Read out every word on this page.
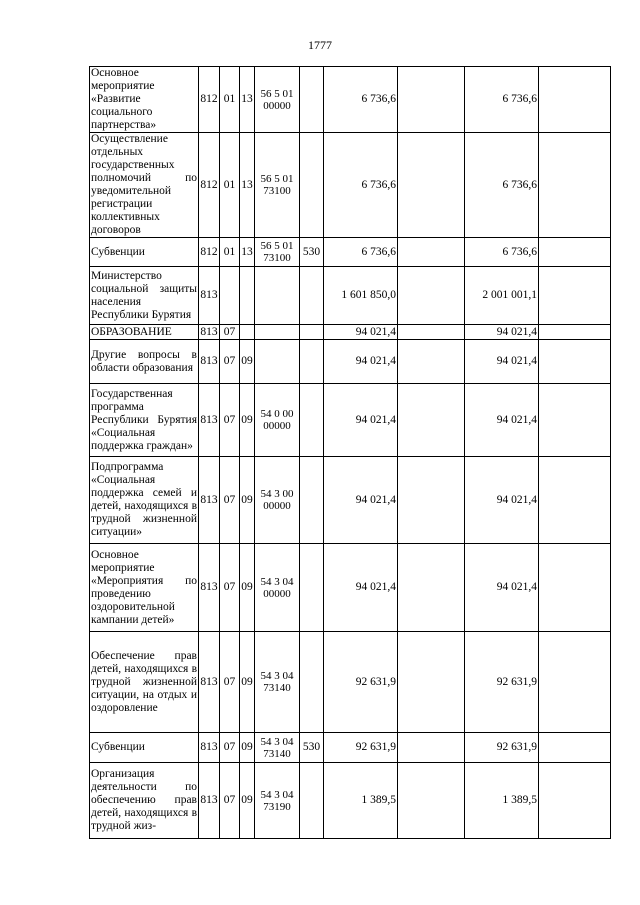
1777
Основное мероприятие «Развитие социального партнерства»	812	01	13	56 5 01 00000		6 736,6		6 736,6	
Осуществление отдельных государственных полномочий по уведомительной регистрации коллективных договоров	812	01	13	56 5 01 73100		6 736,6		6 736,6	
Субвенции	812	01	13	56 5 01 73100	530	6 736,6		6 736,6	
Министерство социальной защиты населения Республики Бурятия	813					1 601 850,0		2 001 001,1	
ОБРАЗОВАНИЕ	813	07				94 021,4		94 021,4	
Другие вопросы в области образования	813	07	09			94 021,4		94 021,4	
Государственная программа Республики Бурятия «Социальная поддержка граждан»	813	07	09	54 0 00 00000		94 021,4		94 021,4	
Подпрограмма «Социальная поддержка семей и детей, находящихся в трудной жизненной ситуации»	813	07	09	54 3 00 00000		94 021,4		94 021,4	
Основное мероприятие «Мероприятия по проведению оздоровительной кампании детей»	813	07	09	54 3 04 00000		94 021,4		94 021,4	
Обеспечение прав детей, находящихся в трудной жизненной ситуации, на отдых и оздоровление	813	07	09	54 3 04 73140		92 631,9		92 631,9	
Субвенции	813	07	09	54 3 04 73140	530	92 631,9		92 631,9	
Организация деятельности по обеспечению прав детей, находящихся в трудной жиз-	813	07	09	54 3 04 73190		1 389,5		1 389,5	
